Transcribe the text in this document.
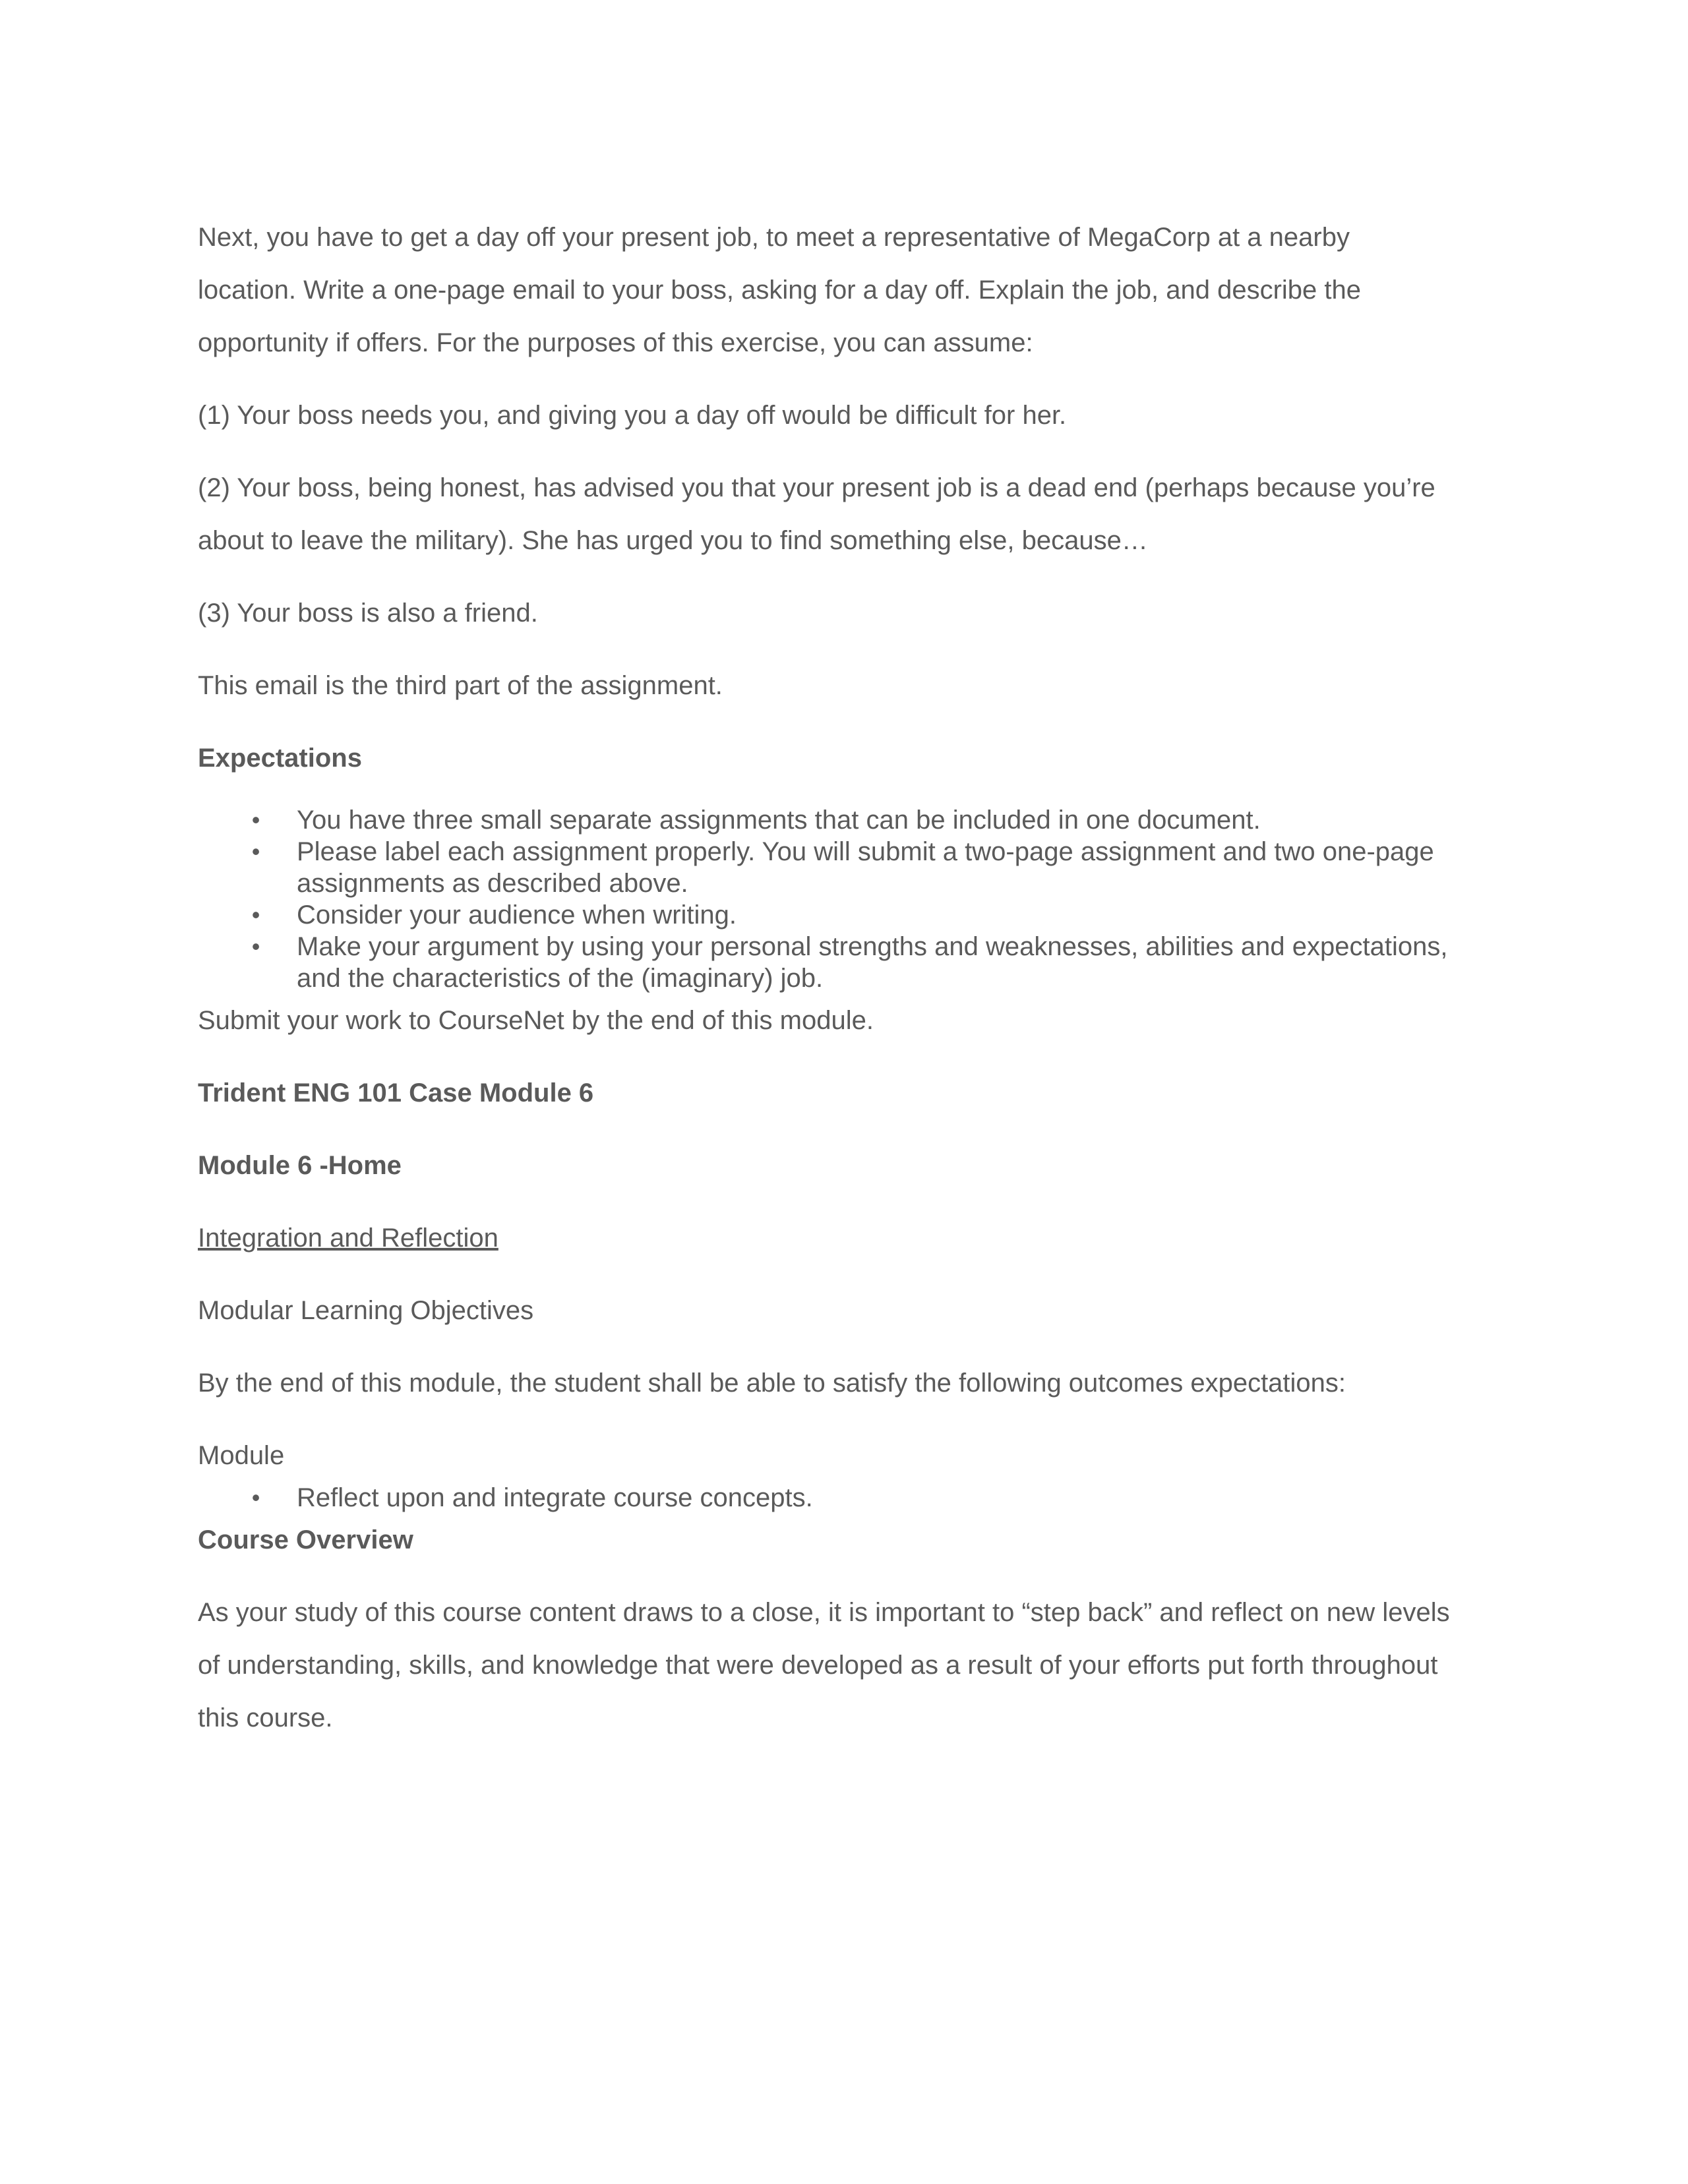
Next, you have to get a day off your present job, to meet a representative of MegaCorp at a nearby location. Write a one-page email to your boss, asking for a day off. Explain the job, and describe the opportunity if offers. For the purposes of this exercise, you can assume:

(1) Your boss needs you, and giving you a day off would be difficult for her.

(2) Your boss, being honest, has advised you that your present job is a dead end (perhaps because you’re about to leave the military). She has urged you to find something else, because…

(3) Your boss is also a friend.

This email is the third part of the assignment.

Expectations

• You have three small separate assignments that can be included in one document.
• Please label each assignment properly. You will submit a two-page assignment and two one-page assignments as described above.
• Consider your audience when writing.
• Make your argument by using your personal strengths and weaknesses, abilities and expectations, and the characteristics of the (imaginary) job.

Submit your work to CourseNet by the end of this module.

Trident ENG 101 Case Module 6

Module 6 -Home

Integration and Reflection

Modular Learning Objectives

By the end of this module, the student shall be able to satisfy the following outcomes expectations:

Module

• Reflect upon and integrate course concepts.

Course Overview

As your study of this course content draws to a close, it is important to “step back” and reflect on new levels of understanding, skills, and knowledge that were developed as a result of your efforts put forth throughout this course.
